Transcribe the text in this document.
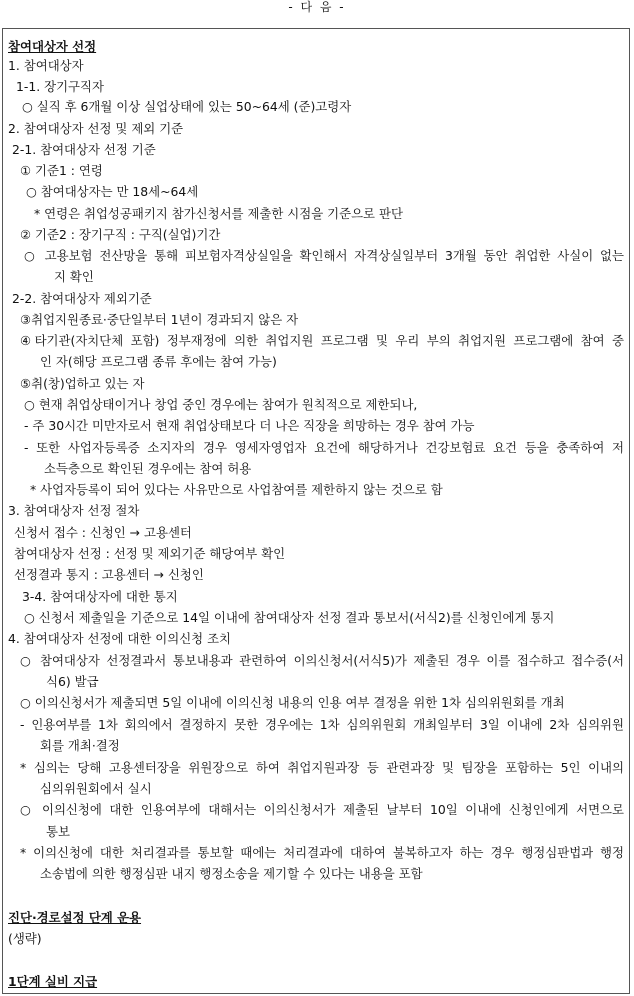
- 다 음 -
참여대상자 선정
1. 참여대상자
1-1. 장기구직자
○ 실직 후 6개월 이상 실업상태에 있는 50~64세 (준)고령자
2. 참여대상자 선정 및 제외 기준
2-1. 참여대상자 선정 기준
① 기준1 : 연령
○ 참여대상자는 만 18세~64세
* 연령은 취업성공패키지 참가신청서를 제출한 시점을 기준으로 판단
② 기준2 : 장기구직 : 구직(실업)기간
○ 고용보험 전산망을 통해 피보험자격상실일을 확인해서 자격상실일부터 3개월 동안 취업한 사실이 없는
지 확인
2-2. 참여대상자 제외기준
③취업지원종료·중단일부터 1년이 경과되지 않은 자
④타기관(자치단체 포함) 정부재정에 의한 취업지원 프로그램 및 우리 부의 취업지원 프로그램에 참여 중
인 자(해당 프로그램 종류 후에는 참여 가능)
⑤취(창)업하고 있는 자
○ 현재 취업상태이거나 창업 중인 경우에는 참여가 원칙적으로 제한되나,
- 주 30시간 미만자로서 현재 취업상태보다 더 나은 직장을 희망하는 경우 참여 가능
- 또한 사업자등록증 소지자의 경우 영세자영업자 요건에 해당하거나 건강보험료 요건 등을 충족하여 저
소득층으로 확인된 경우에는 참여 허용
* 사업자등록이 되어 있다는 사유만으로 사업참여를 제한하지 않는 것으로 함
3. 참여대상자 선정 절차
신청서 접수 : 신청인 → 고용센터
참여대상자 선정 : 선정 및 제외기준 해당여부 확인
선정결과 통지 : 고용센터 → 신청인
3-4. 참여대상자에 대한 통지
○ 신청서 제출일을 기준으로 14일 이내에 참여대상자 선정 결과 통보서(서식2)를 신청인에게 통지
4. 참여대상자 선정에 대한 이의신청 조치
○ 참여대상자 선정결과서 통보내용과 관련하여 이의신청서(서식5)가 제출된 경우 이를 접수하고 접수증(서
식6) 발급
○ 이의신청서가 제출되면 5일 이내에 이의신청 내용의 인용 여부 결정을 위한 1차 심의위원회를 개최
- 인용여부를 1차 회의에서 결정하지 못한 경우에는 1차 심의위원회 개최일부터 3일 이내에 2차 심의위원
회를 개최·결정
* 심의는 당해 고용센터장을 위원장으로 하여 취업지원과장 등 관련과장 및 팀장을 포함하는 5인 이내의
심의위원회에서 실시
○ 이의신청에 대한 인용여부에 대해서는 이의신청서가 제출된 날부터 10일 이내에 신청인에게 서면으로
통보
* 이의신청에 대한 처리결과를 통보할 때에는 처리결과에 대하여 불복하고자 하는 경우 행정심판법과 행정
소송법에 의한 행정심판 내지 행정소송을 제기할 수 있다는 내용을 포함
진단·경로설정 단계 운용
(생략)
1단계 실비 지급
